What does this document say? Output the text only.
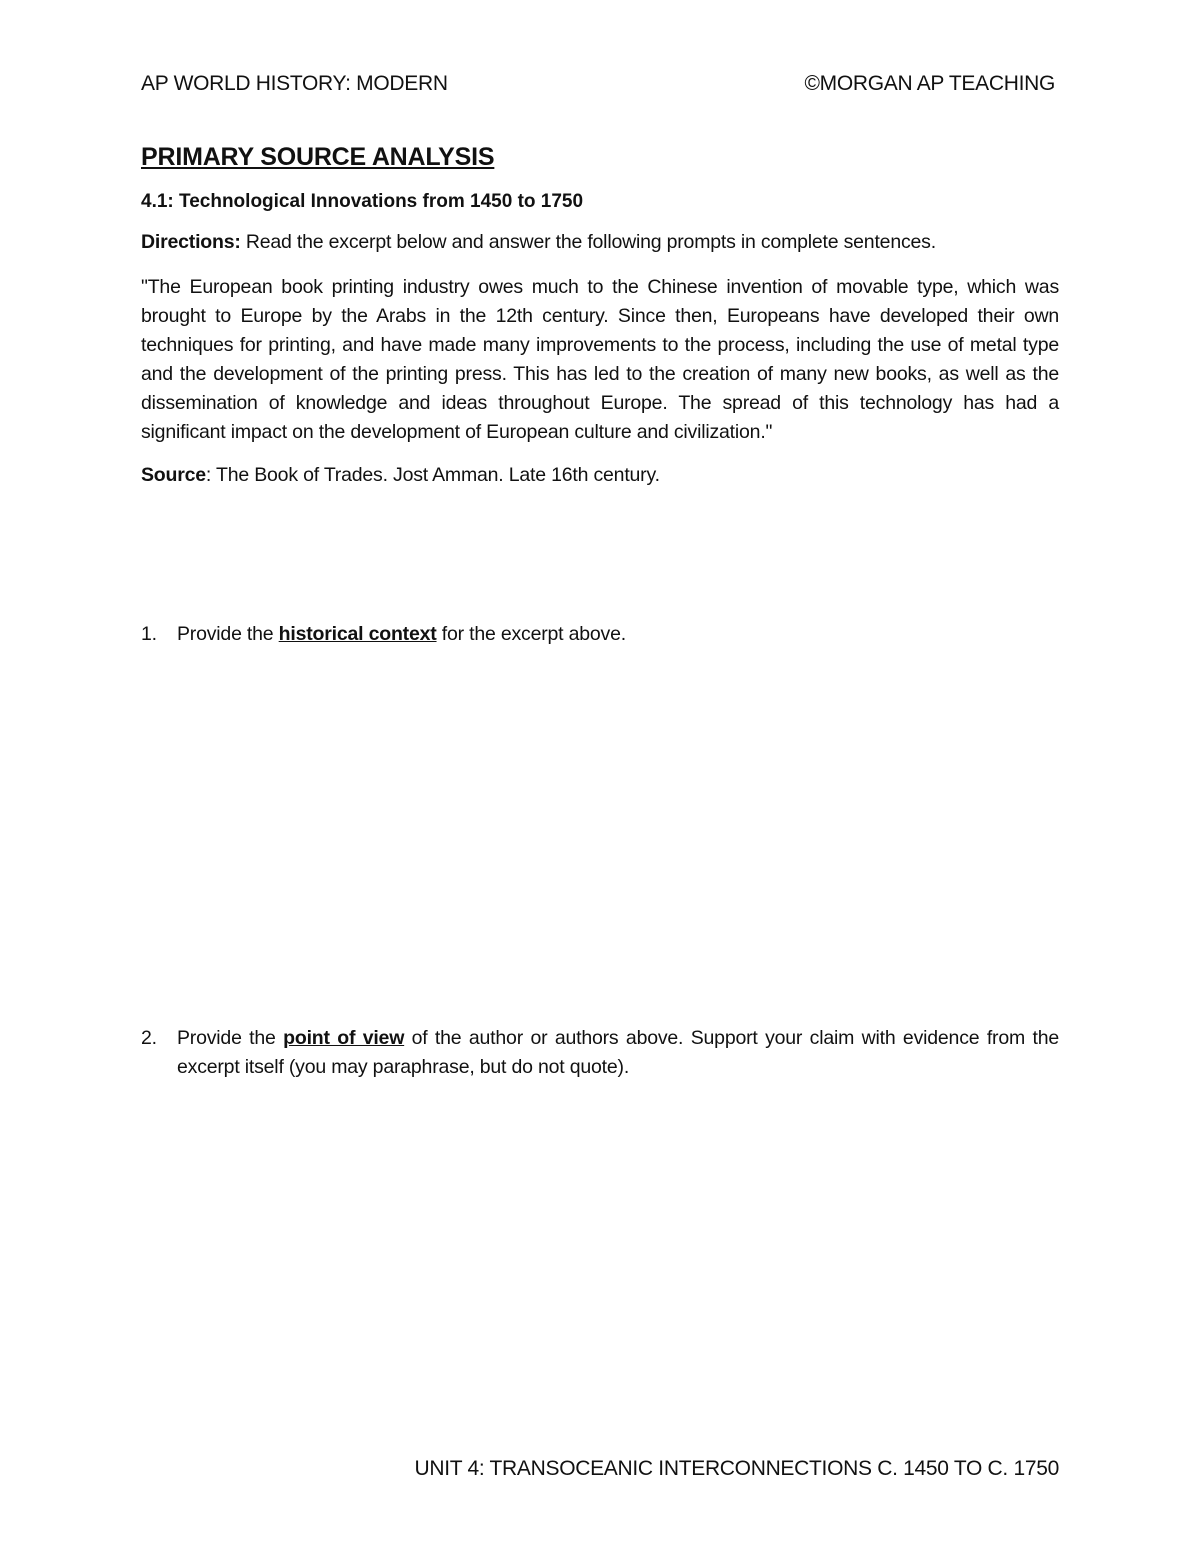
AP WORLD HISTORY: MODERN	©MORGAN AP TEACHING
PRIMARY SOURCE ANALYSIS
4.1: Technological Innovations from 1450 to 1750

Directions: Read the excerpt below and answer the following prompts in complete sentences.

"The European book printing industry owes much to the Chinese invention of movable type, which was brought to Europe by the Arabs in the 12th century. Since then, Europeans have developed their own techniques for printing, and have made many improvements to the process, including the use of metal type and the development of the printing press. This has led to the creation of many new books, as well as the dissemination of knowledge and ideas throughout Europe. The spread of this technology has had a significant impact on the development of European culture and civilization."

Source: The Book of Trades. Jost Amman. Late 16th century.

1.	Provide the historical context for the excerpt above.
2.	Provide the point of view of the author or authors above. Support your claim with evidence from the excerpt itself (you may paraphrase, but do not quote).
UNIT 4: TRANSOCEANIC INTERCONNECTIONS C. 1450 TO C. 1750
